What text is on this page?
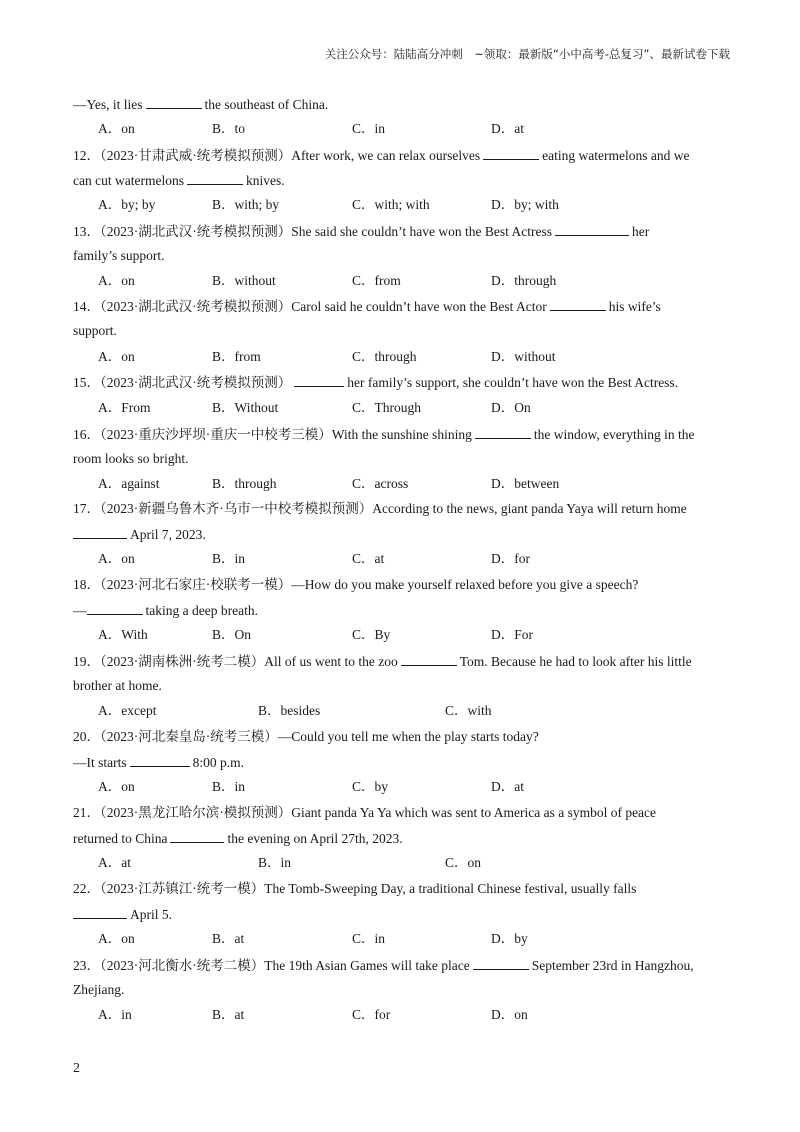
关注公众号：陆陆高分冲刺　~领取：最新版“小中高考-总复习”、最新试卷下载
—Yes, it lies	the southeast of China.
A．on	B．to	C．in	D．at
12．（2023·甘肃武威·统考模拟预测）After work, we can relax ourselves	eating watermelons and we
can cut watermelons	knives.
A．by; by	B．with; by	C．with; with	D．by; with
13．（2023·湖北武汉·统考模拟预测）She said she couldn’t have won the Best Actress	her
family’s support.
A．on	B．without	C．from	D．through
14．（2023·湖北武汉·统考模拟预测）Carol said he couldn’t have won the Best Actor	his wife’s
support.
A．on	B．from	C．through	D．without
15．（2023·湖北武汉·统考模拟预测）	her family’s support, she couldn’t have won the Best Actress.
A．From	B．Without	C．Through	D．On
16．（2023·重庆沙坪坝·重庆一中校考三模）With the sunshine shining	the window, everything in the
room looks so bright.
A．against	B．through	C．across	D．between
17．（2023·新疆乌鲁木齐·乌市一中校考模拟预测）According to the news, giant panda Yaya will return home
April 7, 2023.
A．on	B．in	C．at	D．for
18．（2023·河北石家庄·校联考一模）—How do you make yourself relaxed before you give a speech?
—	taking a deep breath.
A．With	B．On	C．By	D．For
19．（2023·湖南株洲·统考二模）All of us went to the zoo	Tom. Because he had to look after his little
brother at home.
A．except	B．besides	C．with
20．（2023·河北秦皇岛·统考三模）—Could you tell me when the play starts today?
—It starts	8:00 p.m.
A．on	B．in	C．by	D．at
21．（2023·黑龙江哈尔滨·模拟预测）Giant panda Ya Ya which was sent to America as a symbol of peace
returned to China	the evening on April 27th, 2023.
A．at	B．in	C．on
22．（2023·江苏镇江·统考一模）The Tomb-Sweeping Day, a traditional Chinese festival, usually falls
April 5.
A．on	B．at	C．in	D．by
23．（2023·河北衡水·统考二模）The 19th Asian Games will take place	September 23rd in Hangzhou,
Zhejiang.
A．in	B．at	C．for	D．on
2
